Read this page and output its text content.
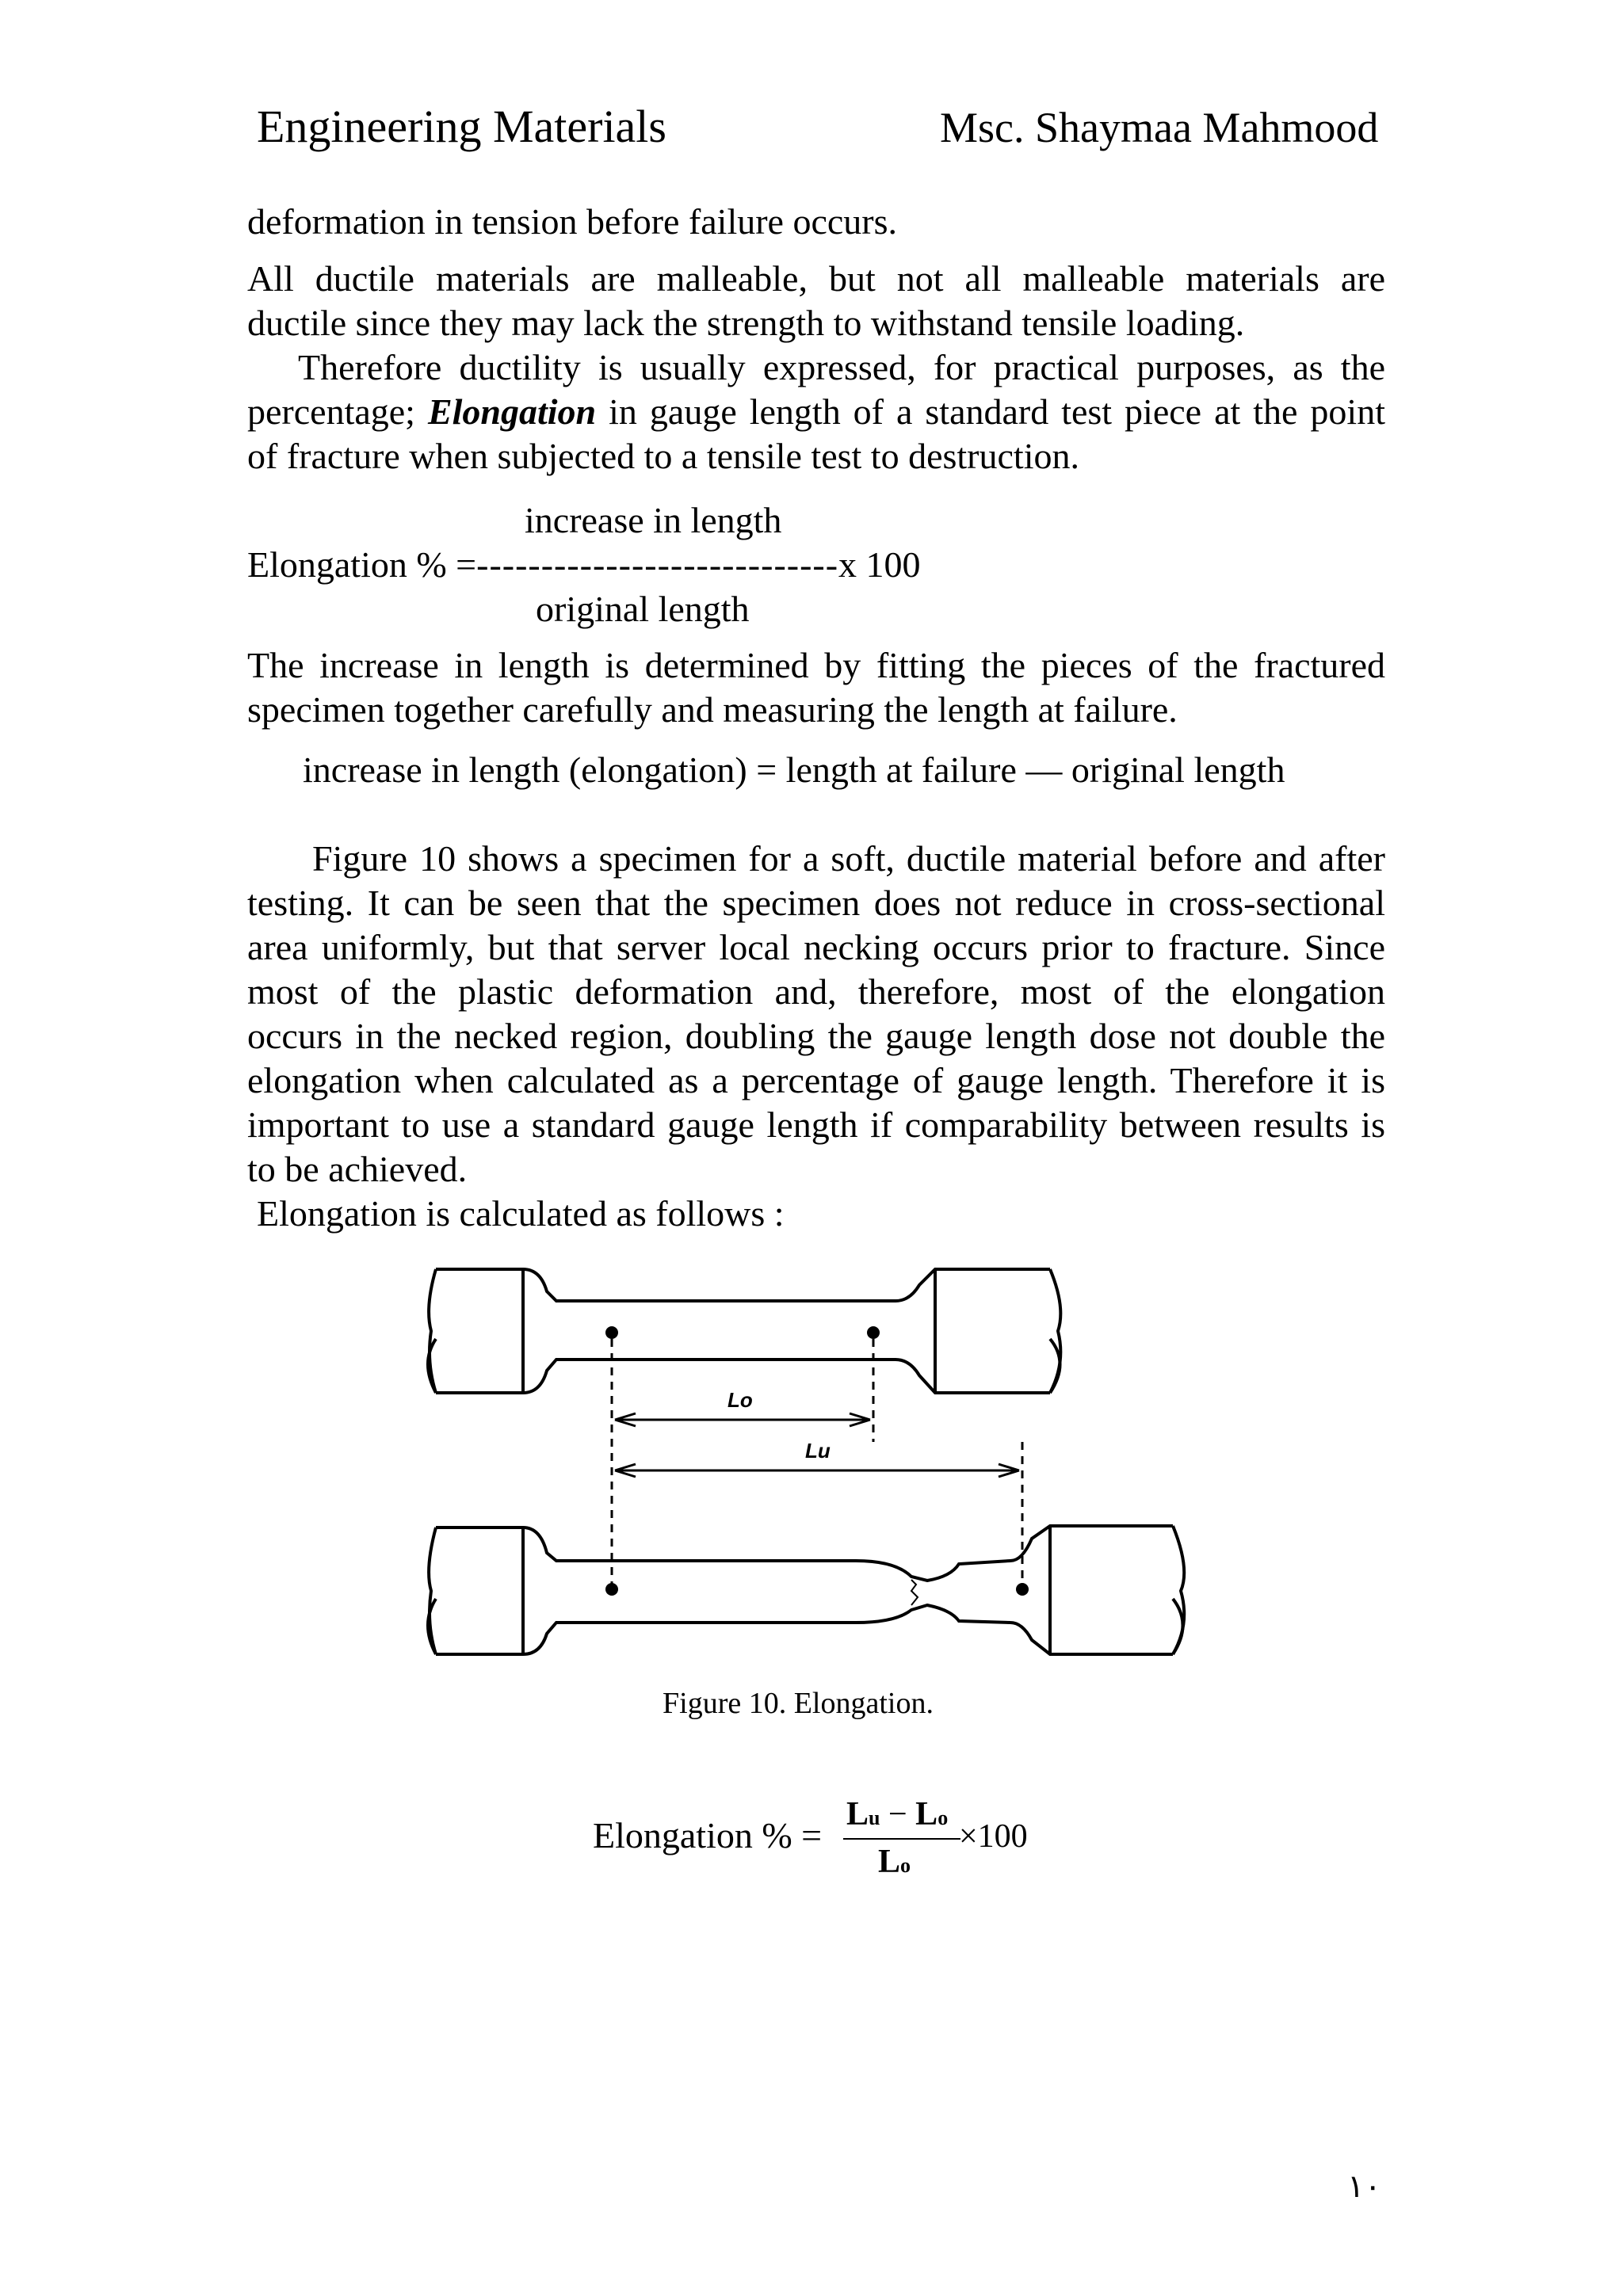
Engineering Materials	Msc. Shaymaa Mahmood
deformation in tension before failure occurs.
All ductile materials are malleable, but not all malleable materials are
ductile since they may lack the strength to withstand tensile loading.
Therefore ductility is usually expressed, for practical purposes, as the
percentage; Elongation in gauge length of a standard test piece at the point
of fracture when subjected to a tensile test to destruction.
increase in length
Elongation % =----------------------------x 100
original length
The increase in length is determined by fitting the pieces of the fractured
specimen together carefully and measuring the length at failure.
increase in length (elongation) = length at failure — original length
Figure 10 shows a specimen for a soft, ductile material before and after
testing. It can be seen that the specimen does not reduce in cross-sectional
area uniformly, but that server local necking occurs prior to fracture. Since
most of the plastic deformation and, therefore, most of the elongation
occurs in the necked region, doubling the gauge length dose not double the
elongation when calculated as a percentage of gauge length. Therefore it is
important to use a standard gauge length if comparability between results is
to be achieved.
Elongation is calculated as follows :
Lo
Lu
Figure 10. Elongation.
Elongation % =
Lu − Lo
Lo
×100
١٠
